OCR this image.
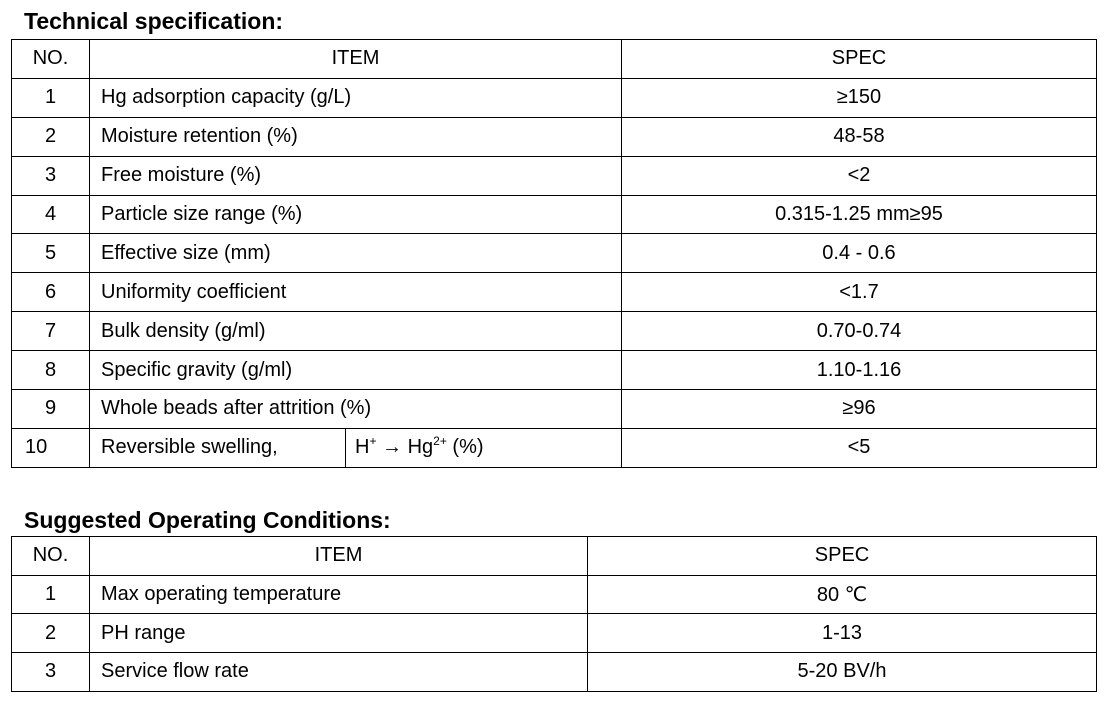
Technical specification:
NO.	ITEM		SPEC
1	Hg adsorption capacity (g/L)		≥150
2	Moisture retention (%)		48-58
3	Free moisture (%)		<2
4	Particle size range (%)		0.315-1.25 mm≥95
5	Effective size (mm)		0.4 - 0.6
6	Uniformity coefficient		<1.7
7	Bulk density (g/ml)		0.70-0.74
8	Specific gravity (g/ml)		1.10-1.16
9	Whole beads after attrition (%)		≥96
10	Reversible swelling,	$H^+ \to Hg^{2+}$ (%)	<5
Suggested Operating Conditions:
NO.	ITEM	SPEC
1	Max operating temperature	80 ℃
2	PH range	1-13
3	Service flow rate	5-20 BV/h
